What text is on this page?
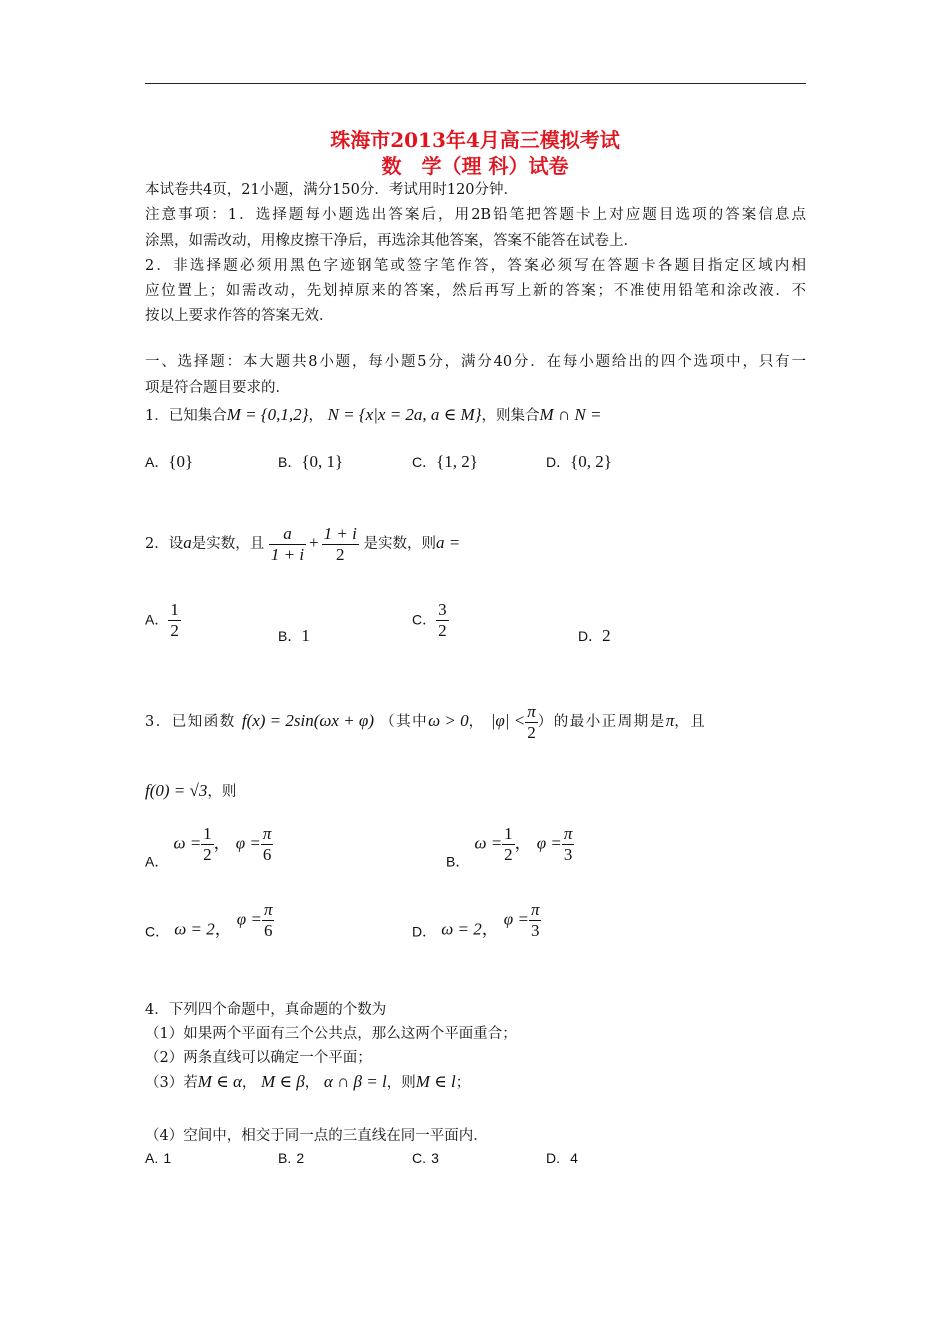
珠海市2013年4月高三模拟考试
数　学（理 科）试卷
本试卷共4页，21小题，满分150分．考试用时120分钟．
注意事项：1．选择题每小题选出答案后，用2B铅笔把答题卡上对应题目选项的答案信息点
涂黑，如需改动，用橡皮擦干净后，再选涂其他答案，答案不能答在试卷上．
2．非选择题必须用黑色字迹钢笔或签字笔作答，答案必须写在答题卡各题目指定区域内相
应位置上；如需改动，先划掉原来的答案，然后再写上新的答案；不准使用铅笔和涂改液．不
按以上要求作答的答案无效．
一、选择题：本大题共8小题，每小题5分，满分40分．在每小题给出的四个选项中，只有一
项是符合题目要求的．
1．已知集合M = {0,1,2}， N = {x|x = 2a, a ∈ M}，则集合M ∩ N =
A．{0}	B．{0, 1}	C．{1, 2}	D．{0, 2}
2．设a是实数，且 $\frac{a}{1 + i} + \frac{1 + i}{2}$ 是实数，则a =
A． $\frac{1}{2}$	B．1
C． $\frac{3}{2}$	D．2
3．已知函数 f(x) = 2sin(ωx + φ) （其中ω > 0， $|\varphi| < \frac{\pi}{2}$ ）的最小正周期是π，且
f(0) = √3，则
A． $\omega = \frac{1}{2}$ ， $\varphi = \frac{\pi}{6}$	B． $\omega = \frac{1}{2}$ ， $\varphi = \frac{\pi}{3}$
C． ω = 2， $\varphi = \frac{\pi}{6}$	D． ω = 2， $\varphi = \frac{\pi}{3}$
4．下列四个命题中，真命题的个数为
（1）如果两个平面有三个公共点，那么这两个平面重合；
（2）两条直线可以确定一个平面；
（3）若M ∈ α， M ∈ β， α ∩ β = l，则M ∈ l；
（4）空间中，相交于同一点的三直线在同一平面内．
A. 1	B. 2	C. 3	D. 4
